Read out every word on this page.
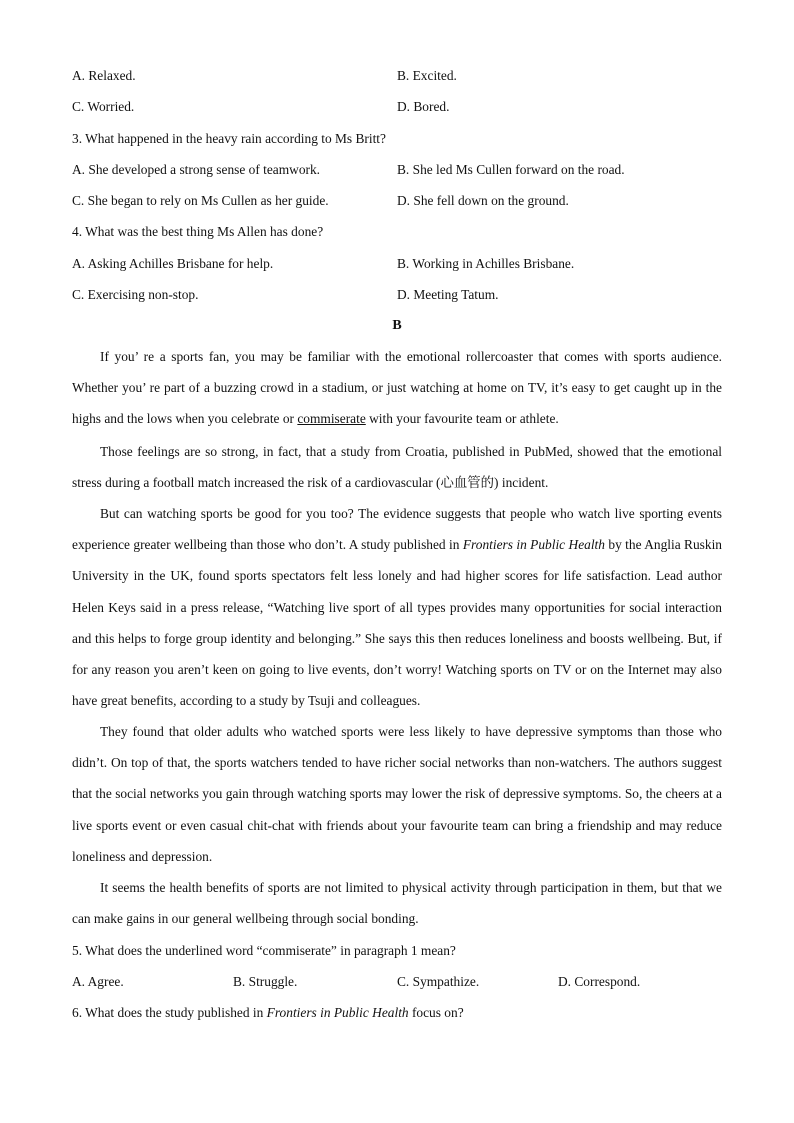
A. Relaxed.	B. Excited.
C. Worried.	D. Bored.
3. What happened in the heavy rain according to Ms Britt?
A. She developed a strong sense of teamwork.	B. She led Ms Cullen forward on the road.
C. She began to rely on Ms Cullen as her guide.	D. She fell down on the ground.
4. What was the best thing Ms Allen has done?
A. Asking Achilles Brisbane for help.	B. Working in Achilles Brisbane.
C. Exercising non-stop.	D. Meeting Tatum.
B
If you’ re a sports fan, you may be familiar with the emotional rollercoaster that comes with sports audience. Whether you’ re part of a buzzing crowd in a stadium, or just watching at home on TV, it’s easy to get caught up in the highs and the lows when you celebrate or commiserate with your favourite team or athlete.
Those feelings are so strong, in fact, that a study from Croatia, published in PubMed, showed that the emotional stress during a football match increased the risk of a cardiovascular (心血管的) incident.
But can watching sports be good for you too? The evidence suggests that people who watch live sporting events experience greater wellbeing than those who don’t. A study published in Frontiers in Public Health by the Anglia Ruskin University in the UK, found sports spectators felt less lonely and had higher scores for life satisfaction. Lead author Helen Keys said in a press release, “Watching live sport of all types provides many opportunities for social interaction and this helps to forge group identity and belonging.” She says this then reduces loneliness and boosts wellbeing. But, if for any reason you aren’t keen on going to live events, don’t worry! Watching sports on TV or on the Internet may also have great benefits, according to a study by Tsuji and colleagues.
They found that older adults who watched sports were less likely to have depressive symptoms than those who didn’t. On top of that, the sports watchers tended to have richer social networks than non-watchers. The authors suggest that the social networks you gain through watching sports may lower the risk of depressive symptoms. So, the cheers at a live sports event or even casual chit-chat with friends about your favourite team can bring a friendship and may reduce loneliness and depression.
It seems the health benefits of sports are not limited to physical activity through participation in them, but that we can make gains in our general wellbeing through social bonding.
5. What does the underlined word “commiserate” in paragraph 1 mean?
A. Agree.	B. Struggle.	C. Sympathize.	D. Correspond.
6. What does the study published in Frontiers in Public Health focus on?
